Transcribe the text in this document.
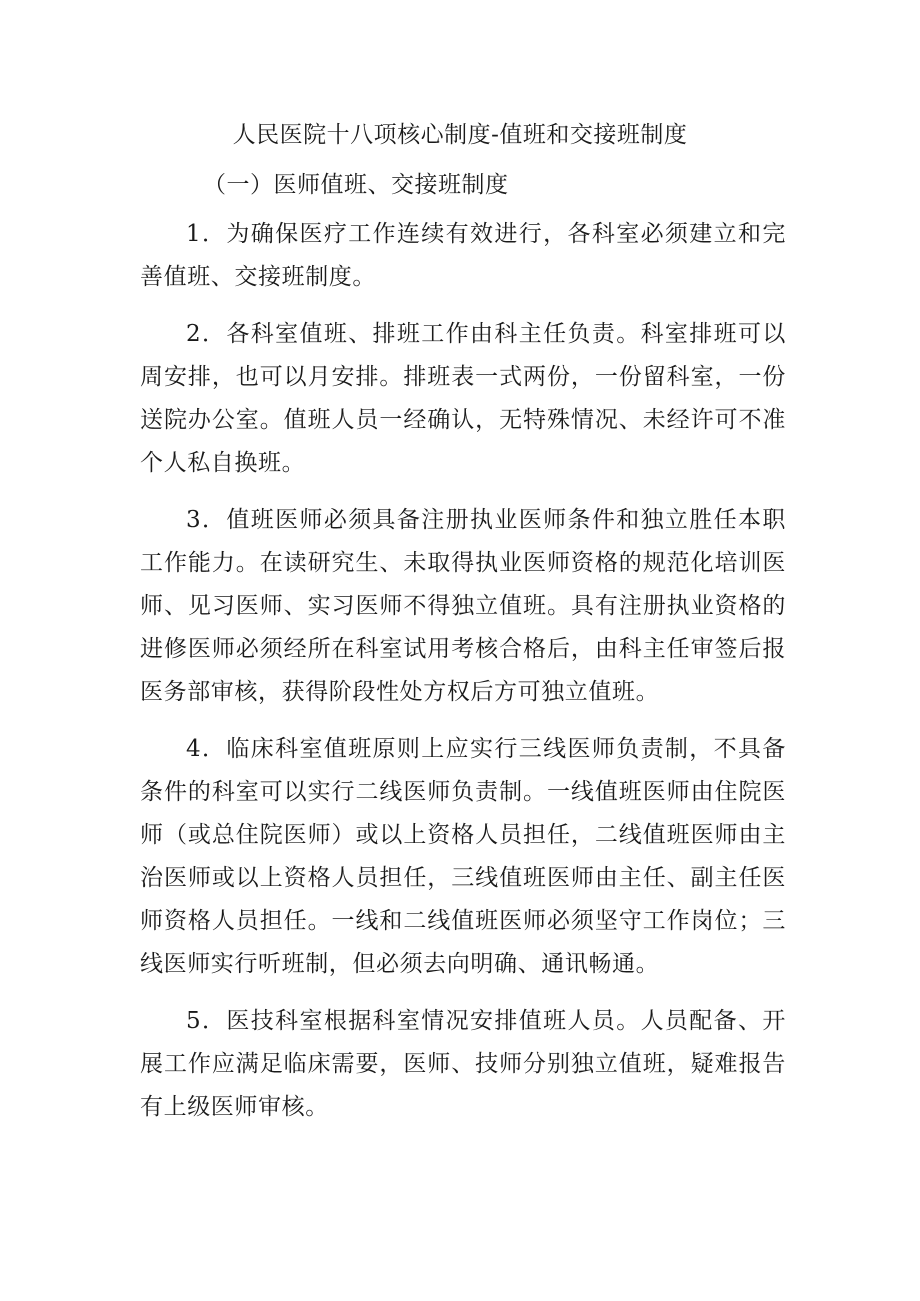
人民医院十八项核心制度-值班和交接班制度
（一）医师值班、交接班制度

1．为确保医疗工作连续有效进行，各科室必须建立和完善值班、交接班制度。

2．各科室值班、排班工作由科主任负责。科室排班可以周安排，也可以月安排。排班表一式两份，一份留科室，一份送院办公室。值班人员一经确认，无特殊情况、未经许可不准个人私自换班。

3．值班医师必须具备注册执业医师条件和独立胜任本职工作能力。在读研究生、未取得执业医师资格的规范化培训医师、见习医师、实习医师不得独立值班。具有注册执业资格的进修医师必须经所在科室试用考核合格后，由科主任审签后报医务部审核，获得阶段性处方权后方可独立值班。

4．临床科室值班原则上应实行三线医师负责制，不具备条件的科室可以实行二线医师负责制。一线值班医师由住院医师（或总住院医师）或以上资格人员担任，二线值班医师由主治医师或以上资格人员担任，三线值班医师由主任、副主任医师资格人员担任。一线和二线值班医师必须坚守工作岗位；三线医师实行听班制，但必须去向明确、通讯畅通。

5．医技科室根据科室情况安排值班人员。人员配备、开展工作应满足临床需要，医师、技师分别独立值班，疑难报告有上级医师审核。
